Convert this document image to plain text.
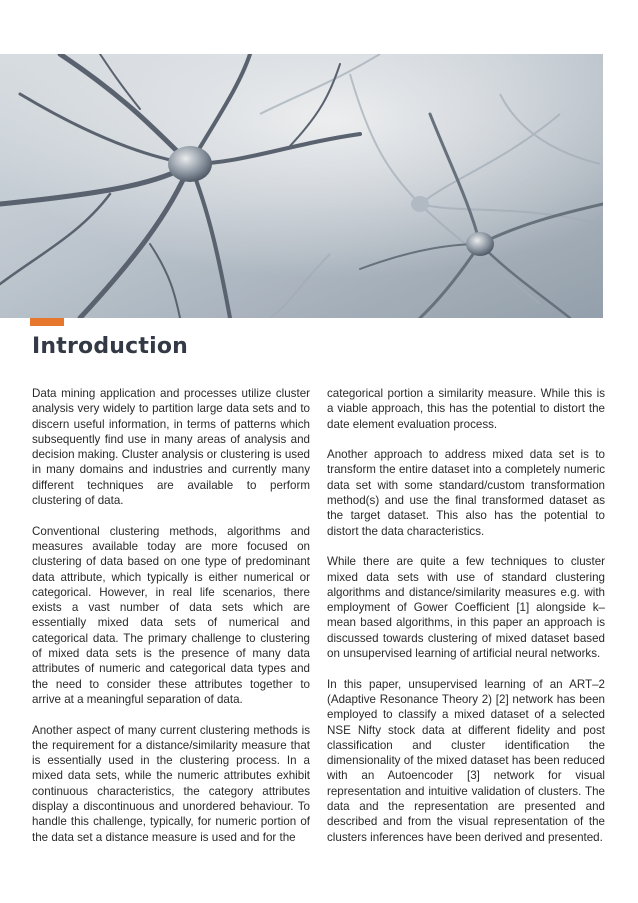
Introduction

Data mining application and processes utilize cluster analysis very widely to partition large data sets and to discern useful information, in terms of patterns which subsequently find use in many areas of analysis and decision making. Cluster analysis or clustering is used in many domains and industries and currently many different techniques are available to perform clustering of data.

Conventional clustering methods, algorithms and measures available today are more focused on clustering of data based on one type of predominant data attribute, which typically is either numerical or categorical. However, in real life scenarios, there exists a vast number of data sets which are essentially mixed data sets of numerical and categorical data. The primary challenge to clustering of mixed data sets is the presence of many data attributes of numeric and categorical data types and the need to consider these attributes together to arrive at a meaningful separation of data.

Another aspect of many current clustering methods is the requirement for a distance/similarity measure that is essentially used in the clustering process. In a mixed data sets, while the numeric attributes exhibit continuous characteristics, the category attributes display a discontinuous and unordered behaviour. To handle this challenge, typically, for numeric portion of the data set a distance measure is used and for the

categorical portion a similarity measure. While this is a viable approach, this has the potential to distort the date element evaluation process.

Another approach to address mixed data set is to transform the entire dataset into a completely numeric data set with some standard/custom transformation method(s) and use the final transformed dataset as the target dataset. This also has the potential to distort the data characteristics.

While there are quite a few techniques to cluster mixed data sets with use of standard clustering algorithms and distance/similarity measures e.g. with employment of Gower Coefficient [1] alongside k–mean based algorithms, in this paper an approach is discussed towards clustering of mixed dataset based on unsupervised learning of artificial neural networks.

In this paper, unsupervised learning of an ART–2 (Adaptive Resonance Theory 2) [2] network has been employed to classify a mixed dataset of a selected NSE Nifty stock data at different fidelity and post classification and cluster identification the dimensionality of the mixed dataset has been reduced with an Autoencoder [3] network for visual representation and intuitive validation of clusters. The data and the representation are presented and described and from the visual representation of the clusters inferences have been derived and presented.
